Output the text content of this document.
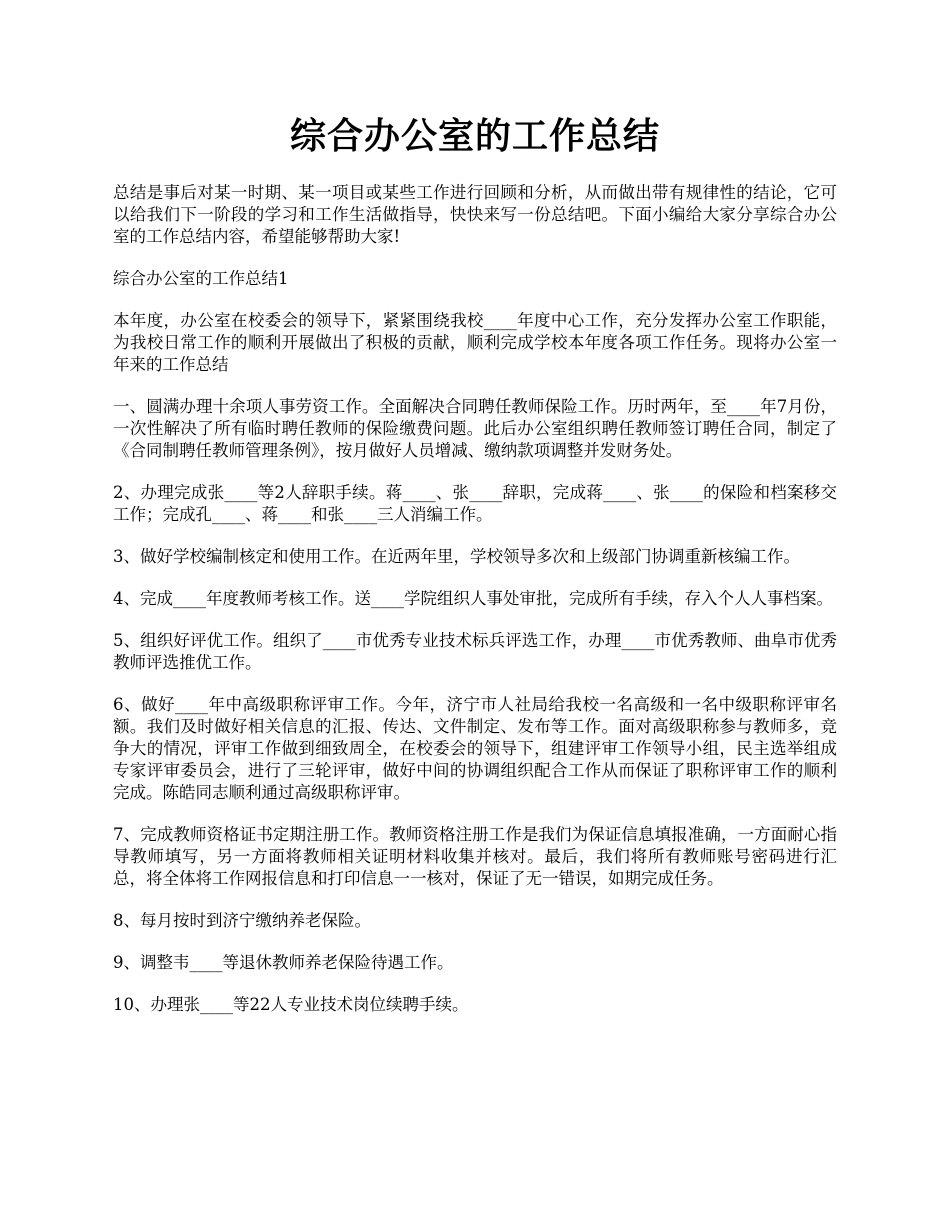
综合办公室的工作总结

总结是事后对某一时期、某一项目或某些工作进行回顾和分析，从而做出带有规律性的结论，它可以给我们下一阶段的学习和工作生活做指导，快快来写一份总结吧。下面小编给大家分享综合办公室的工作总结内容，希望能够帮助大家!

综合办公室的工作总结1

本年度，办公室在校委会的领导下，紧紧围绕我校____年度中心工作，充分发挥办公室工作职能，为我校日常工作的顺利开展做出了积极的贡献，顺利完成学校本年度各项工作任务。现将办公室一年来的工作总结

一、圆满办理十余项人事劳资工作。全面解决合同聘任教师保险工作。历时两年，至____年7月份，一次性解决了所有临时聘任教师的保险缴费问题。此后办公室组织聘任教师签订聘任合同，制定了《合同制聘任教师管理条例》，按月做好人员增减、缴纳款项调整并发财务处。

2、办理完成张____等2人辞职手续。蒋____、张____辞职，完成蒋____、张____的保险和档案移交工作；完成孔____、蒋____和张____三人消编工作。

3、做好学校编制核定和使用工作。在近两年里，学校领导多次和上级部门协调重新核编工作。

4、完成____年度教师考核工作。送____学院组织人事处审批，完成所有手续，存入个人人事档案。

5、组织好评优工作。组织了____市优秀专业技术标兵评选工作，办理____市优秀教师、曲阜市优秀教师评选推优工作。

6、做好____年中高级职称评审工作。今年，济宁市人社局给我校一名高级和一名中级职称评审名额。我们及时做好相关信息的汇报、传达、文件制定、发布等工作。面对高级职称参与教师多，竞争大的情况，评审工作做到细致周全，在校委会的领导下，组建评审工作领导小组，民主选举组成专家评审委员会，进行了三轮评审，做好中间的协调组织配合工作从而保证了职称评审工作的顺利完成。陈皓同志顺利通过高级职称评审。

7、完成教师资格证书定期注册工作。教师资格注册工作是我们为保证信息填报准确，一方面耐心指导教师填写，另一方面将教师相关证明材料收集并核对。最后，我们将所有教师账号密码进行汇总，将全体将工作网报信息和打印信息一一核对，保证了无一错误，如期完成任务。

8、每月按时到济宁缴纳养老保险。

9、调整韦____等退休教师养老保险待遇工作。

10、办理张____等22人专业技术岗位续聘手续。
